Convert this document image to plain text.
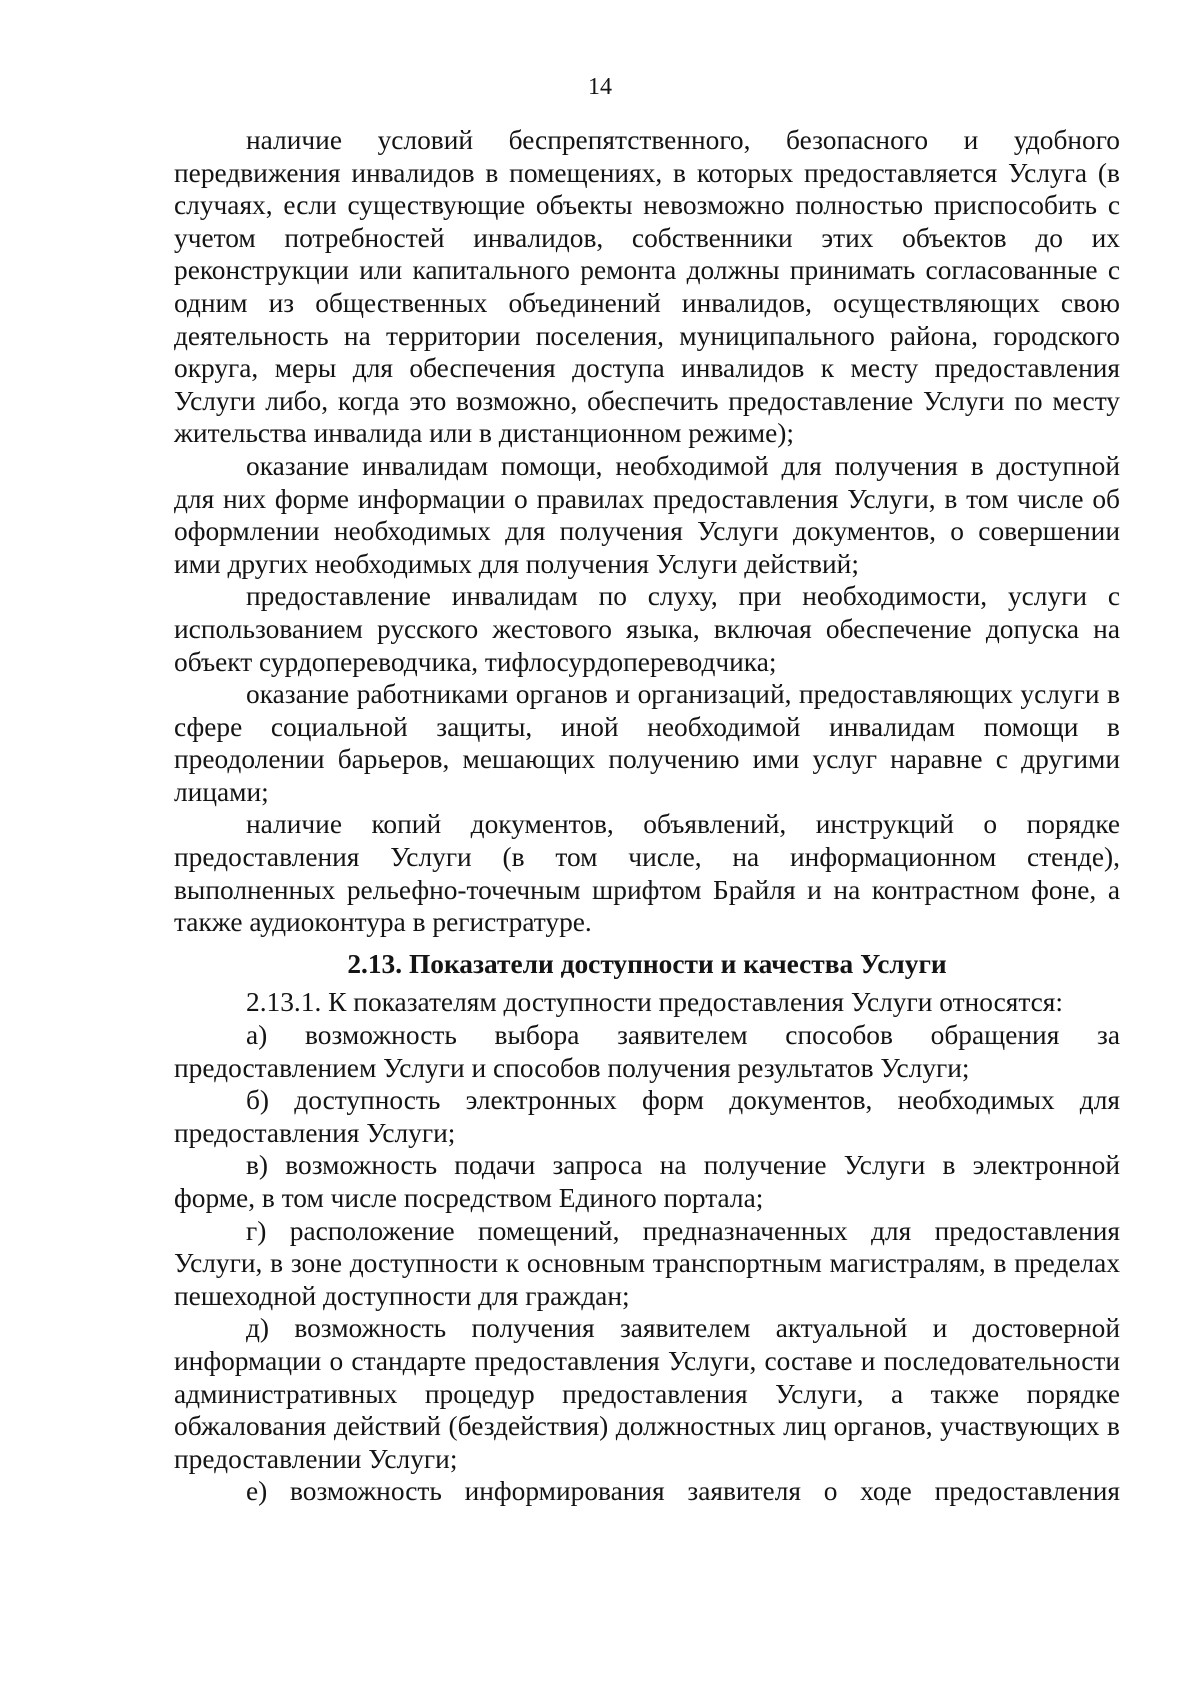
14

наличие условий беспрепятственного, безопасного и удобного передвижения инвалидов в помещениях, в которых предоставляется Услуга (в случаях, если существующие объекты невозможно полностью приспособить с учетом потребностей инвалидов, собственники этих объектов до их реконструкции или капитального ремонта должны принимать согласованные с одним из общественных объединений инвалидов, осуществляющих свою деятельность на территории поселения, муниципального района, городского округа, меры для обеспечения доступа инвалидов к месту предоставления Услуги либо, когда это возможно, обеспечить предоставление Услуги по месту жительства инвалида или в дистанционном режиме);

оказание инвалидам помощи, необходимой для получения в доступной для них форме информации о правилах предоставления Услуги, в том числе об оформлении необходимых для получения Услуги документов, о совершении ими других необходимых для получения Услуги действий;

предоставление инвалидам по слуху, при необходимости, услуги с использованием русского жестового языка, включая обеспечение допуска на объект сурдопереводчика, тифлосурдопереводчика;

оказание работниками органов и организаций, предоставляющих услуги в сфере социальной защиты, иной необходимой инвалидам помощи в преодолении барьеров, мешающих получению ими услуг наравне с другими лицами;

наличие копий документов, объявлений, инструкций о порядке предоставления Услуги (в том числе, на информационном стенде), выполненных рельефно-точечным шрифтом Брайля и на контрастном фоне, а также аудиоконтура в регистратуре.

2.13. Показатели доступности и качества Услуги

2.13.1. К показателям доступности предоставления Услуги относятся:

а) возможность выбора заявителем способов обращения за предоставлением Услуги и способов получения результатов Услуги;

б) доступность электронных форм документов, необходимых для предоставления Услуги;

в) возможность подачи запроса на получение Услуги в электронной форме, в том числе посредством Единого портала;

г) расположение помещений, предназначенных для предоставления Услуги, в зоне доступности к основным транспортным магистралям, в пределах пешеходной доступности для граждан;

д) возможность получения заявителем актуальной и достоверной информации о стандарте предоставления Услуги, составе и последовательности административных процедур предоставления Услуги, а также порядке обжалования действий (бездействия) должностных лиц органов, участвующих в предоставлении Услуги;

е) возможность информирования заявителя о ходе предоставления
